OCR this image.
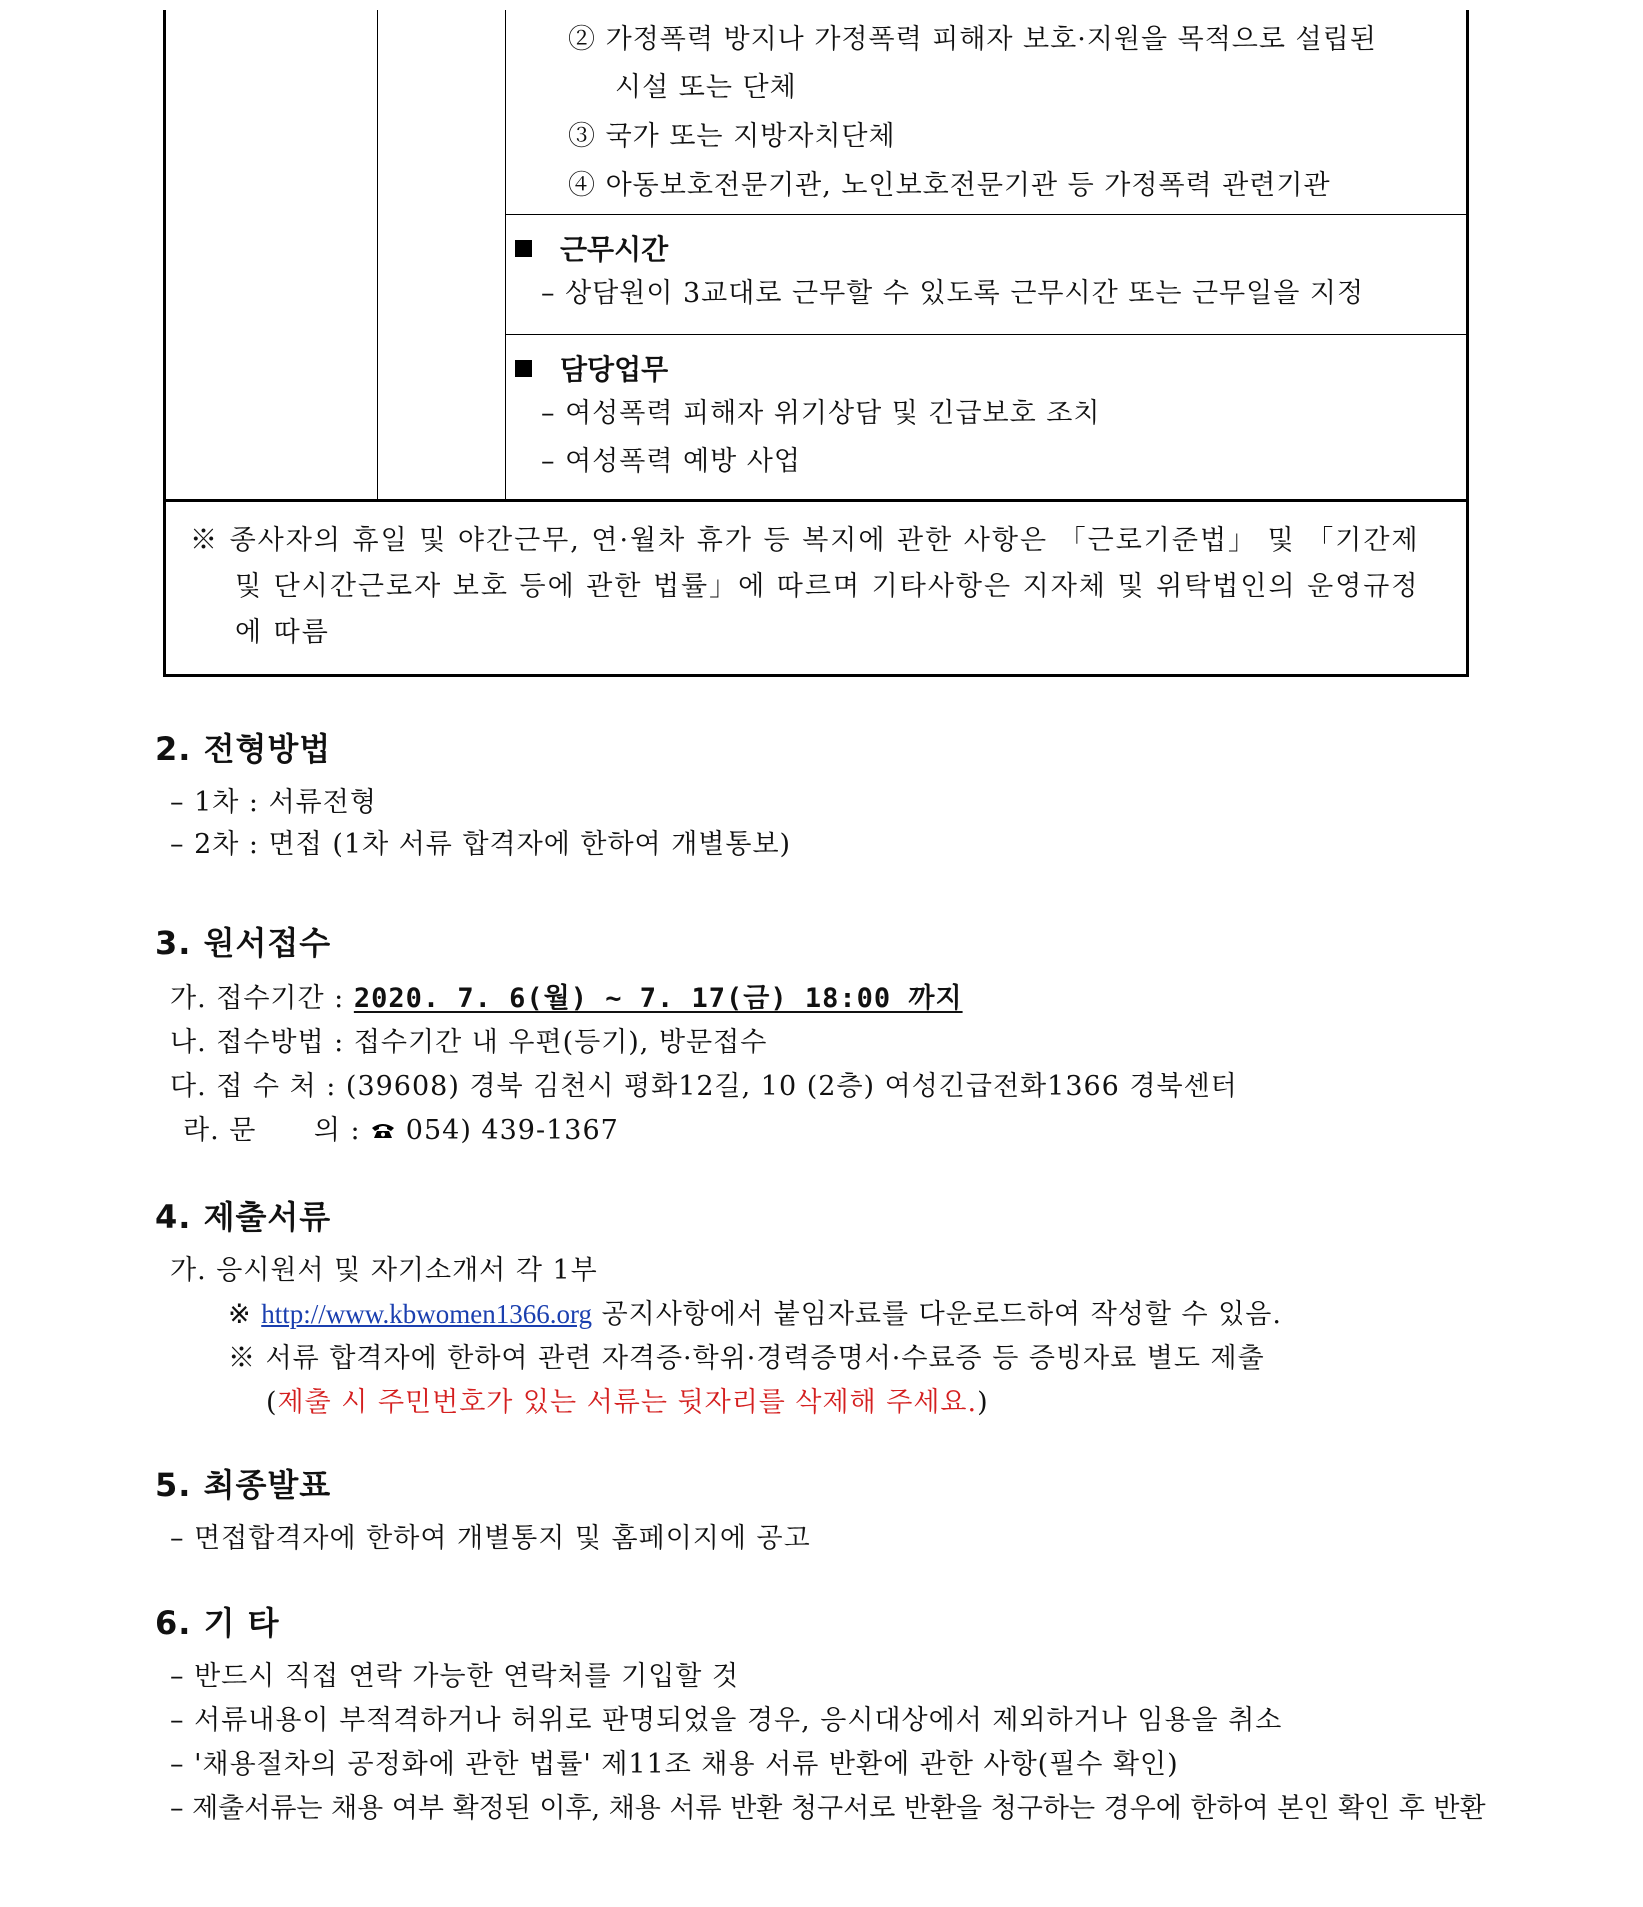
② 가정폭력 방지나 가정폭력 피해자 보호·지원을 목적으로 설립된
시설 또는 단체
③ 국가 또는 지방자치단체
④ 아동보호전문기관, 노인보호전문기관 등 가정폭력 관련기관
근무시간
– 상담원이 3교대로 근무할 수 있도록 근무시간 또는 근무일을 지정
담당업무
– 여성폭력 피해자 위기상담 및 긴급보호 조치
– 여성폭력 예방 사업
※ 종사자의 휴일 및 야간근무, 연·월차 휴가 등 복지에 관한 사항은 「근로기준법」 및 「기간제
및 단시간근로자 보호 등에 관한 법률」에 따르며 기타사항은 지자체 및 위탁법인의 운영규정
에 따름
2. 전형방법
– 1차 : 서류전형
– 2차 : 면접 (1차 서류 합격자에 한하여 개별통보)
3. 원서접수
가. 접수기간 : 2020. 7. 6(월) ~ 7. 17(금) 18:00 까지
나. 접수방법 : 접수기간 내 우편(등기), 방문접수
다. 접 수 처 : (39608) 경북 김천시 평화12길, 10 (2층) 여성긴급전화1366 경북센터
라. 문      의 : 054) 439-1367
4. 제출서류
가. 응시원서 및 자기소개서 각 1부
※ http://www.kbwomen1366.org 공지사항에서 붙임자료를 다운로드하여 작성할 수 있음.
※ 서류 합격자에 한하여 관련 자격증·학위·경력증명서·수료증 등 증빙자료 별도 제출
(제출 시 주민번호가 있는 서류는 뒷자리를 삭제해 주세요.)
5. 최종발표
– 면접합격자에 한하여 개별통지 및 홈페이지에 공고
6. 기 타
– 반드시 직접 연락 가능한 연락처를 기입할 것
– 서류내용이 부적격하거나 허위로 판명되었을 경우, 응시대상에서 제외하거나 임용을 취소
– '채용절차의 공정화에 관한 법률' 제11조 채용 서류 반환에 관한 사항(필수 확인)
– 제출서류는 채용 여부 확정된 이후, 채용 서류 반환 청구서로 반환을 청구하는 경우에 한하여 본인 확인 후 반환
